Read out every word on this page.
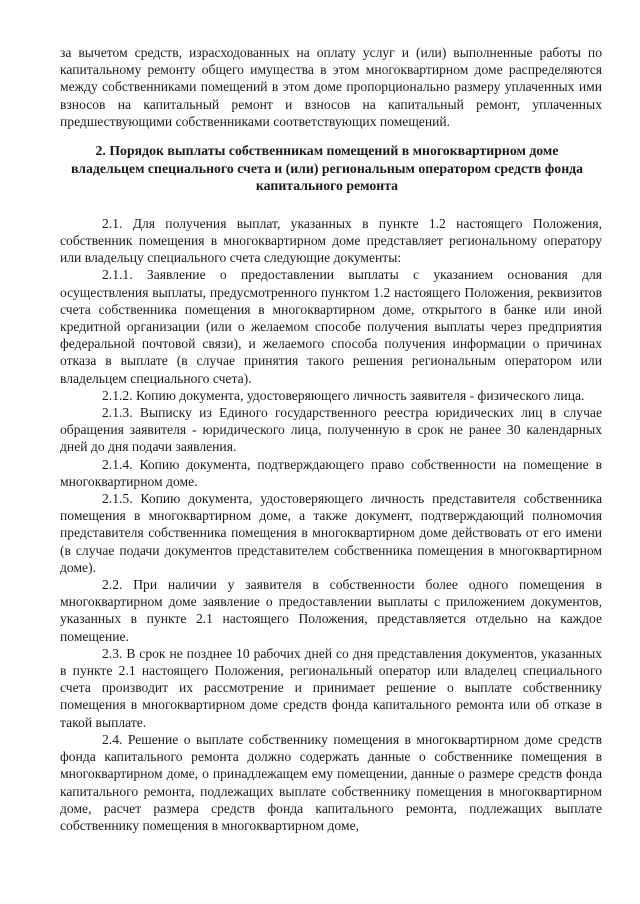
за вычетом средств, израсходованных на оплату услуг и (или) выполненные работы по капитальному ремонту общего имущества в этом многоквартирном доме распределяются между собственниками помещений в этом доме пропорционально размеру уплаченных ими взносов на капитальный ремонт и взносов на капитальный ремонт, уплаченных предшествующими собственниками соответствующих помещений.

2. Порядок выплаты собственникам помещений в многоквартирном доме
владельцем специального счета и (или) региональным оператором средств фонда
капитального ремонта

2.1. Для получения выплат, указанных в пункте 1.2 настоящего Положения, собственник помещения в многоквартирном доме представляет региональному оператору или владельцу специального счета следующие документы:

2.1.1. Заявление о предоставлении выплаты с указанием основания для осуществления выплаты, предусмотренного пунктом 1.2 настоящего Положения, реквизитов счета собственника помещения в многоквартирном доме, открытого в банке или иной кредитной организации (или о желаемом способе получения выплаты через предприятия федеральной почтовой связи), и желаемого способа получения информации о причинах отказа в выплате (в случае принятия такого решения региональным оператором или владельцем специального счета).

2.1.2. Копию документа, удостоверяющего личность заявителя - физического лица.

2.1.3. Выписку из Единого государственного реестра юридических лиц в случае обращения заявителя - юридического лица, полученную в срок не ранее 30 календарных дней до дня подачи заявления.

2.1.4. Копию документа, подтверждающего право собственности на помещение в многоквартирном доме.

2.1.5. Копию документа, удостоверяющего личность представителя собственника помещения в многоквартирном доме, а также документ, подтверждающий полномочия представителя собственника помещения в многоквартирном доме действовать от его имени (в случае подачи документов представителем собственника помещения в многоквартирном доме).

2.2. При наличии у заявителя в собственности более одного помещения в многоквартирном доме заявление о предоставлении выплаты с приложением документов, указанных в пункте 2.1 настоящего Положения, представляется отдельно на каждое помещение.

2.3. В срок не позднее 10 рабочих дней со дня представления документов, указанных в пункте 2.1 настоящего Положения, региональный оператор или владелец специального счета производит их рассмотрение и принимает решение о выплате собственнику помещения в многоквартирном доме средств фонда капитального ремонта или об отказе в такой выплате.

2.4. Решение о выплате собственнику помещения в многоквартирном доме средств фонда капитального ремонта должно содержать данные о собственнике помещения в многоквартирном доме, о принадлежащем ему помещении, данные о размере средств фонда капитального ремонта, подлежащих выплате собственнику помещения в многоквартирном доме, расчет размера средств фонда капитального ремонта, подлежащих выплате собственнику помещения в многоквартирном доме,
